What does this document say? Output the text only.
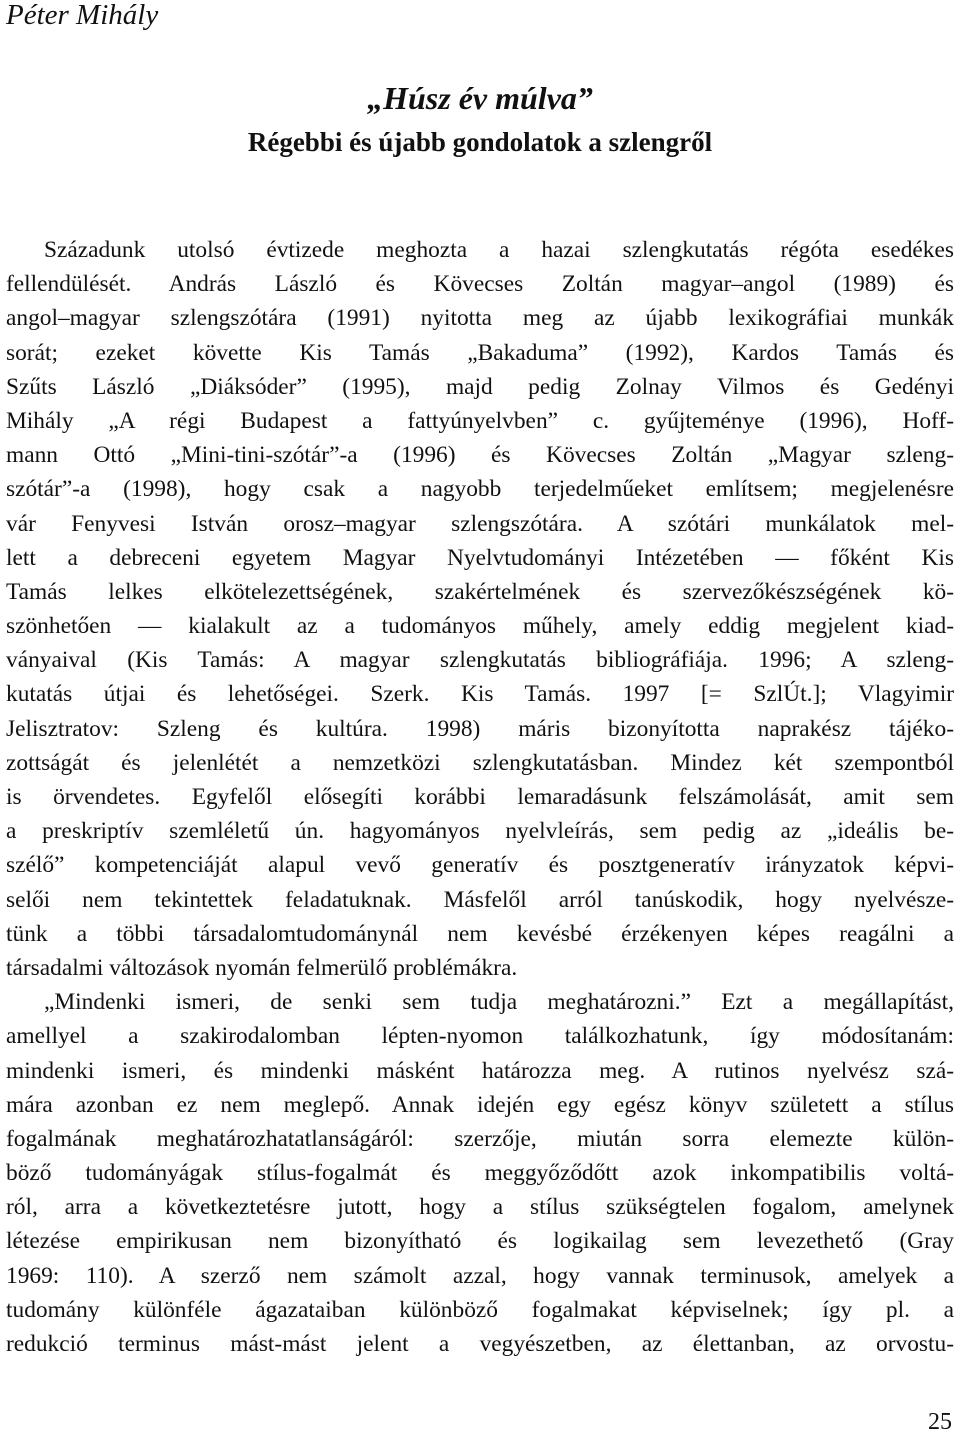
Péter Mihály
„Húsz év múlva”
Régebbi és újabb gondolatok a szlengről
Századunk utolsó évtizede meghozta a hazai szlengkutatás régóta esedékes
fellendülését. András László és Kövecses Zoltán magyar–angol (1989) és
angol–magyar szlengszótára (1991) nyitotta meg az újabb lexikográfiai munkák
sorát; ezeket követte Kis Tamás „Bakaduma” (1992), Kardos Tamás és
Szűts László „Diáksóder” (1995), majd pedig Zolnay Vilmos és Gedényi
Mihály „A régi Budapest a fattyúnyelvben” c. gyűjteménye (1996), Hoff-
mann Ottó „Mini-tini-szótár”-a (1996) és Kövecses Zoltán „Magyar szleng-
szótár”-a (1998), hogy csak a nagyobb terjedelműeket említsem; megjelenésre
vár Fenyvesi István orosz–magyar szlengszótára. A szótári munkálatok mel-
lett a debreceni egyetem Magyar Nyelvtudományi Intézetében — főként Kis
Tamás lelkes elkötelezettségének, szakértelmének és szervezőkészségének kö-
szönhetően — kialakult az a tudományos műhely, amely eddig megjelent kiad-
ványaival (Kis Tamás: A magyar szlengkutatás bibliográfiája. 1996; A szleng-
kutatás útjai és lehetőségei. Szerk. Kis Tamás. 1997 [= SzlÚt.]; Vlagyimir
Jelisztratov: Szleng és kultúra. 1998) máris bizonyította naprakész tájéko-
zottságát és jelenlétét a nemzetközi szlengkutatásban. Mindez két szempontból
is örvendetes. Egyfelől elősegíti korábbi lemaradásunk felszámolását, amit sem
a preskriptív szemléletű ún. hagyományos nyelvleírás, sem pedig az „ideális be-
szélő” kompetenciáját alapul vevő generatív és posztgeneratív irányzatok képvi-
selői nem tekintettek feladatuknak. Másfelől arról tanúskodik, hogy nyelvésze-
tünk a többi társadalomtudománynál nem kevésbé érzékenyen képes reagálni a
társadalmi változások nyomán felmerülő problémákra.
„Mindenki ismeri, de senki sem tudja meghatározni.” Ezt a megállapítást,
amellyel a szakirodalomban lépten-nyomon találkozhatunk, így módosítanám:
mindenki ismeri, és mindenki másként határozza meg. A rutinos nyelvész szá-
mára azonban ez nem meglepő. Annak idején egy egész könyv született a stílus
fogalmának meghatározhatatlanságáról: szerzője, miután sorra elemezte külön-
böző tudományágak stílus-fogalmát és meggyőződőtt azok inkompatibilis voltá-
ról, arra a következtetésre jutott, hogy a stílus szükségtelen fogalom, amelynek
létezése empirikusan nem bizonyítható és logikailag sem levezethető (Gray
1969: 110). A szerző nem számolt azzal, hogy vannak terminusok, amelyek a
tudomány különféle ágazataiban különböző fogalmakat képviselnek; így pl. a
redukció terminus mást-mást jelent a vegyészetben, az élettanban, az orvostu-
25
